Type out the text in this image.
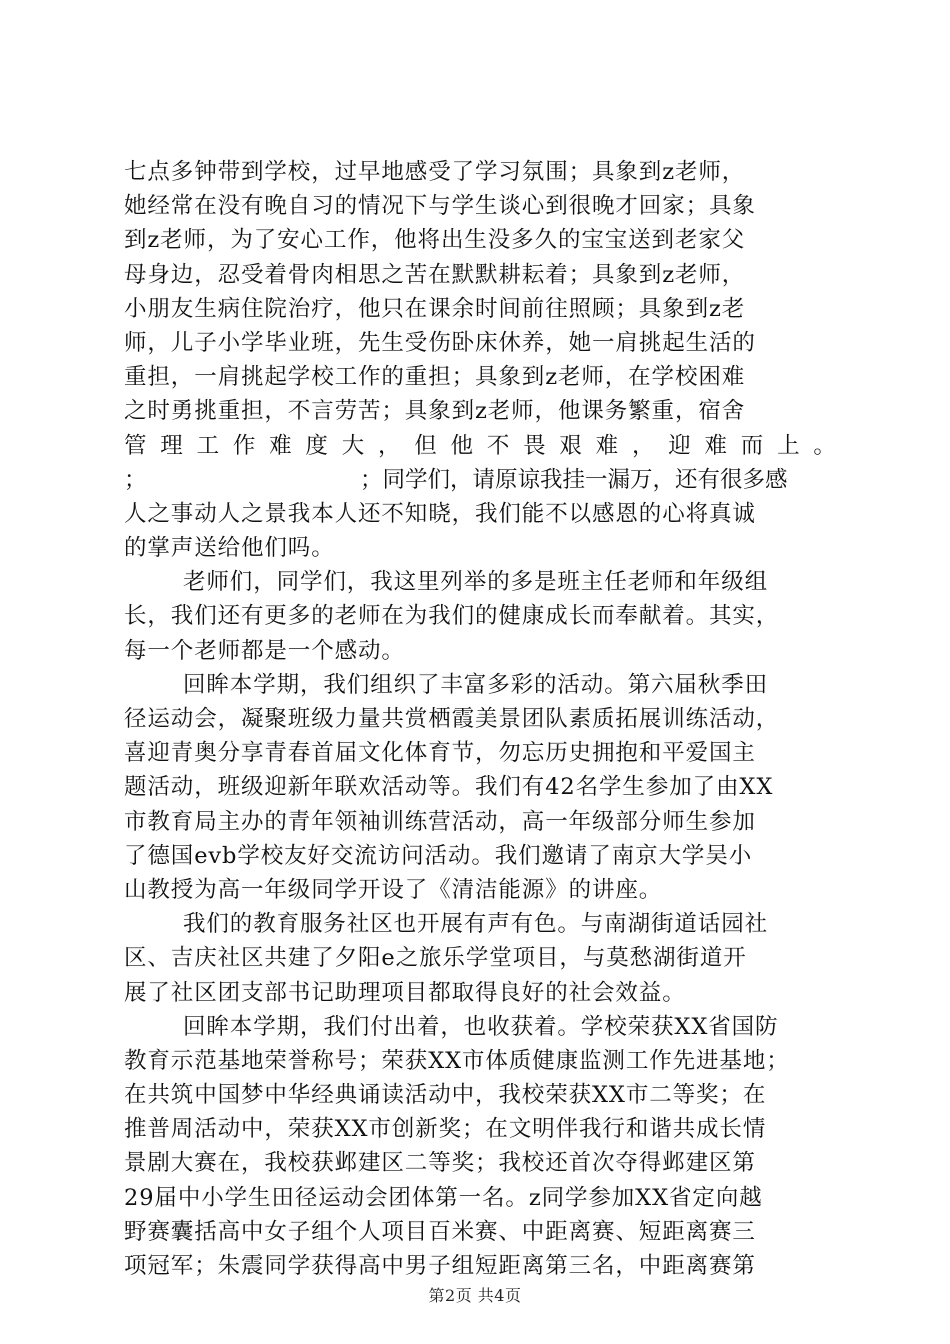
七点多钟带到学校，过早地感受了学习氛围；具象到z老师，
她经常在没有晚自习的情况下与学生谈心到很晚才回家；具象
到z老师，为了安心工作，他将出生没多久的宝宝送到老家父
母身边，忍受着骨肉相思之苦在默默耕耘着；具象到z老师，
小朋友生病住院治疗，他只在课余时间前往照顾；具象到z老
师，儿子小学毕业班，先生受伤卧床休养，她一肩挑起生活的
重担，一肩挑起学校工作的重担；具象到z老师，在学校困难
之时勇挑重担，不言劳苦；具象到z老师，他课务繁重，宿舍
管 理 工 作 难 度 大 ， 但 他 不 畏 艰 难 ， 迎 难 而 上 。
；	；同学们，请原谅我挂一漏万，还有很多感
人之事动人之景我本人还不知晓，我们能不以感恩的心将真诚
的掌声送给他们吗。
老师们，同学们，我这里列举的多是班主任老师和年级组
长，我们还有更多的老师在为我们的健康成长而奉献着。其实，
每一个老师都是一个感动。
回眸本学期，我们组织了丰富多彩的活动。第六届秋季田
径运动会，凝聚班级力量共赏栖霞美景团队素质拓展训练活动，
喜迎青奥分享青春首届文化体育节，勿忘历史拥抱和平爱国主
题活动，班级迎新年联欢活动等。我们有42名学生参加了由XX
市教育局主办的青年领袖训练营活动，高一年级部分师生参加
了德国evb学校友好交流访问活动。我们邀请了南京大学吴小
山教授为高一年级同学开设了《清洁能源》的讲座。
我们的教育服务社区也开展有声有色。与南湖街道话园社
区、吉庆社区共建了夕阳e之旅乐学堂项目，与莫愁湖街道开
展了社区团支部书记助理项目都取得良好的社会效益。
回眸本学期，我们付出着，也收获着。学校荣获XX省国防
教育示范基地荣誉称号；荣获XX市体质健康监测工作先进基地；
在共筑中国梦中华经典诵读活动中，我校荣获XX市二等奖；在
推普周活动中，荣获XX市创新奖；在文明伴我行和谐共成长情
景剧大赛在，我校获邺建区二等奖；我校还首次夺得邺建区第
29届中小学生田径运动会团体第一名。z同学参加XX省定向越
野赛囊括高中女子组个人项目百米赛、中距离赛、短距离赛三
项冠军；朱震同学获得高中男子组短距离第三名，中距离赛第
第2页 共4页
